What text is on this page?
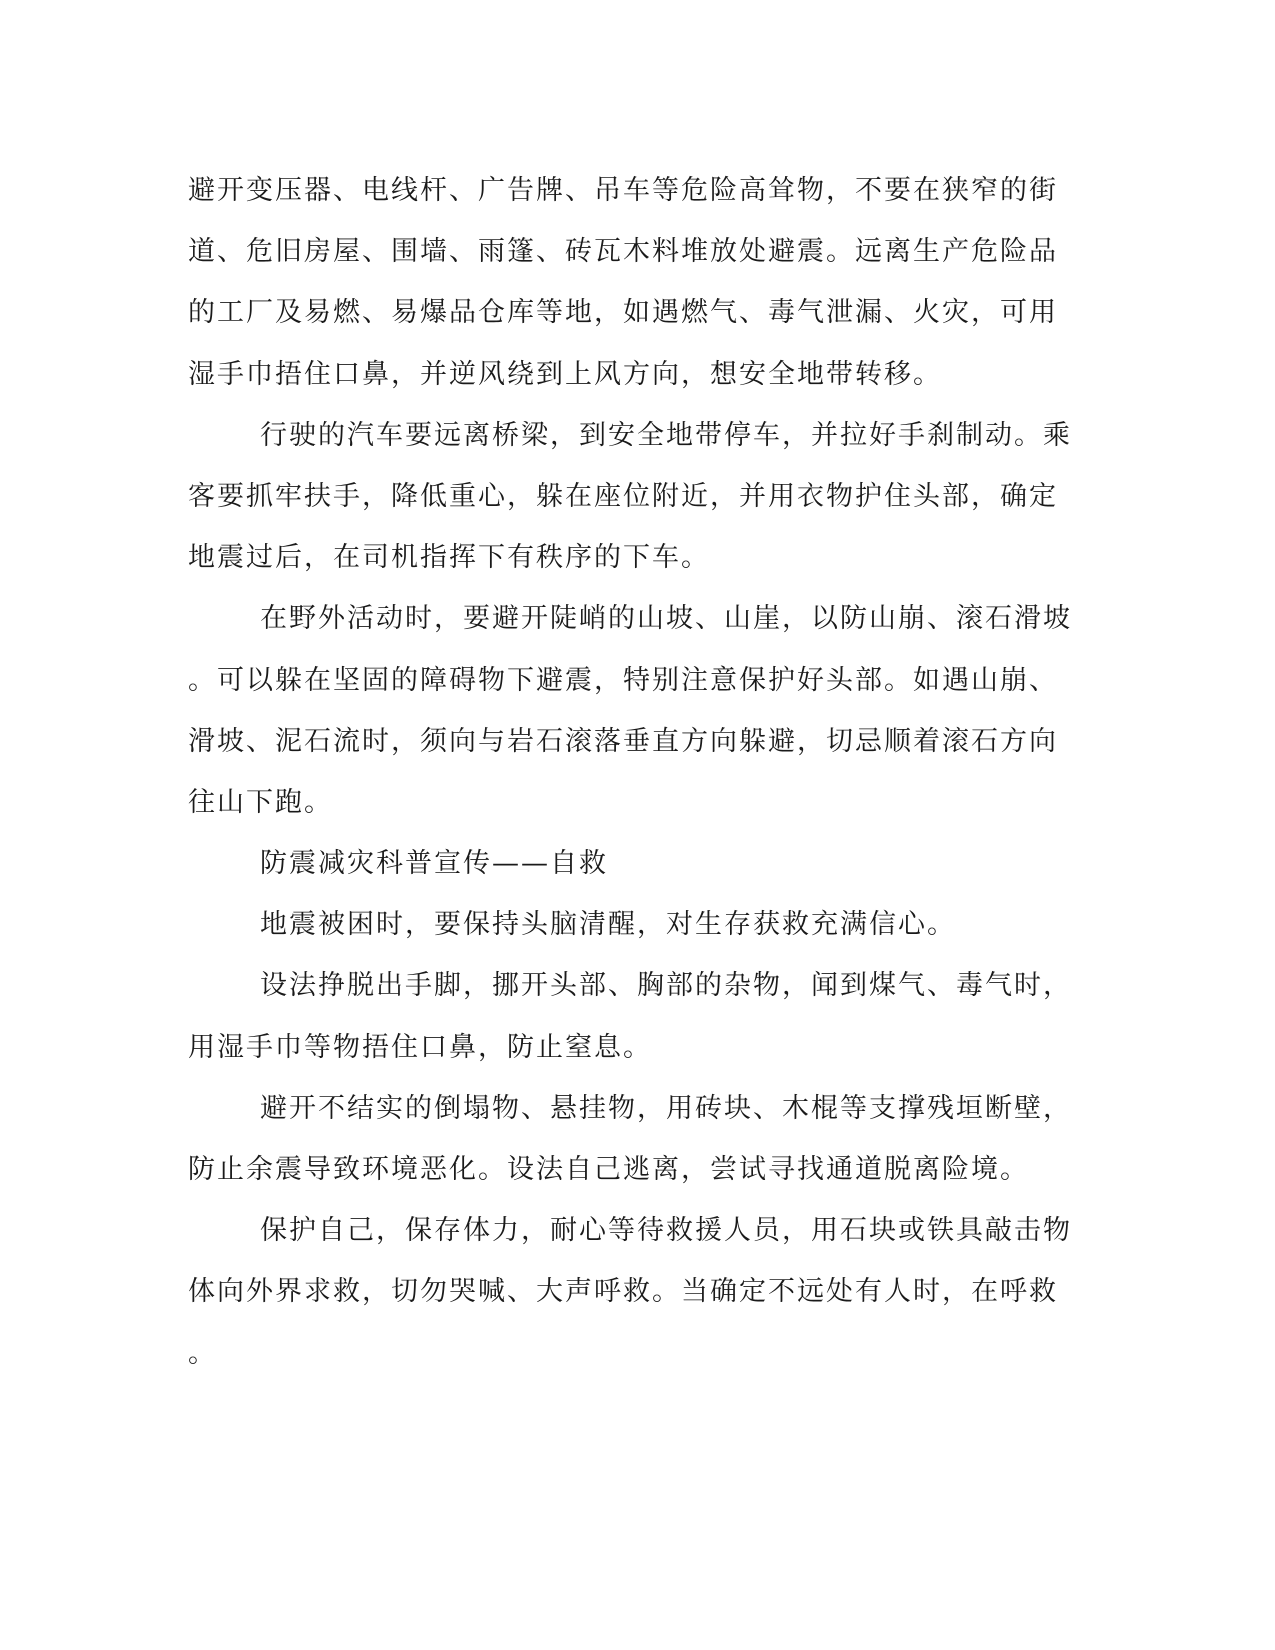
避开变压器、电线杆、广告牌、吊车等危险高耸物，不要在狭窄的街
道、危旧房屋、围墙、雨篷、砖瓦木料堆放处避震。远离生产危险品
的工厂及易燃、易爆品仓库等地，如遇燃气、毒气泄漏、火灾，可用
湿手巾捂住口鼻，并逆风绕到上风方向，想安全地带转移。
行驶的汽车要远离桥梁，到安全地带停车，并拉好手刹制动。乘
客要抓牢扶手，降低重心，躲在座位附近，并用衣物护住头部，确定
地震过后，在司机指挥下有秩序的下车。
在野外活动时，要避开陡峭的山坡、山崖，以防山崩、滚石滑坡
。可以躲在坚固的障碍物下避震，特别注意保护好头部。如遇山崩、
滑坡、泥石流时，须向与岩石滚落垂直方向躲避，切忌顺着滚石方向
往山下跑。
防震减灾科普宣传——自救
地震被困时，要保持头脑清醒，对生存获救充满信心。
设法挣脱出手脚，挪开头部、胸部的杂物，闻到煤气、毒气时，
用湿手巾等物捂住口鼻，防止窒息。
避开不结实的倒塌物、悬挂物，用砖块、木棍等支撑残垣断壁，
防止余震导致环境恶化。设法自己逃离，尝试寻找通道脱离险境。
保护自己，保存体力，耐心等待救援人员，用石块或铁具敲击物
体向外界求救，切勿哭喊、大声呼救。当确定不远处有人时，在呼救
。
